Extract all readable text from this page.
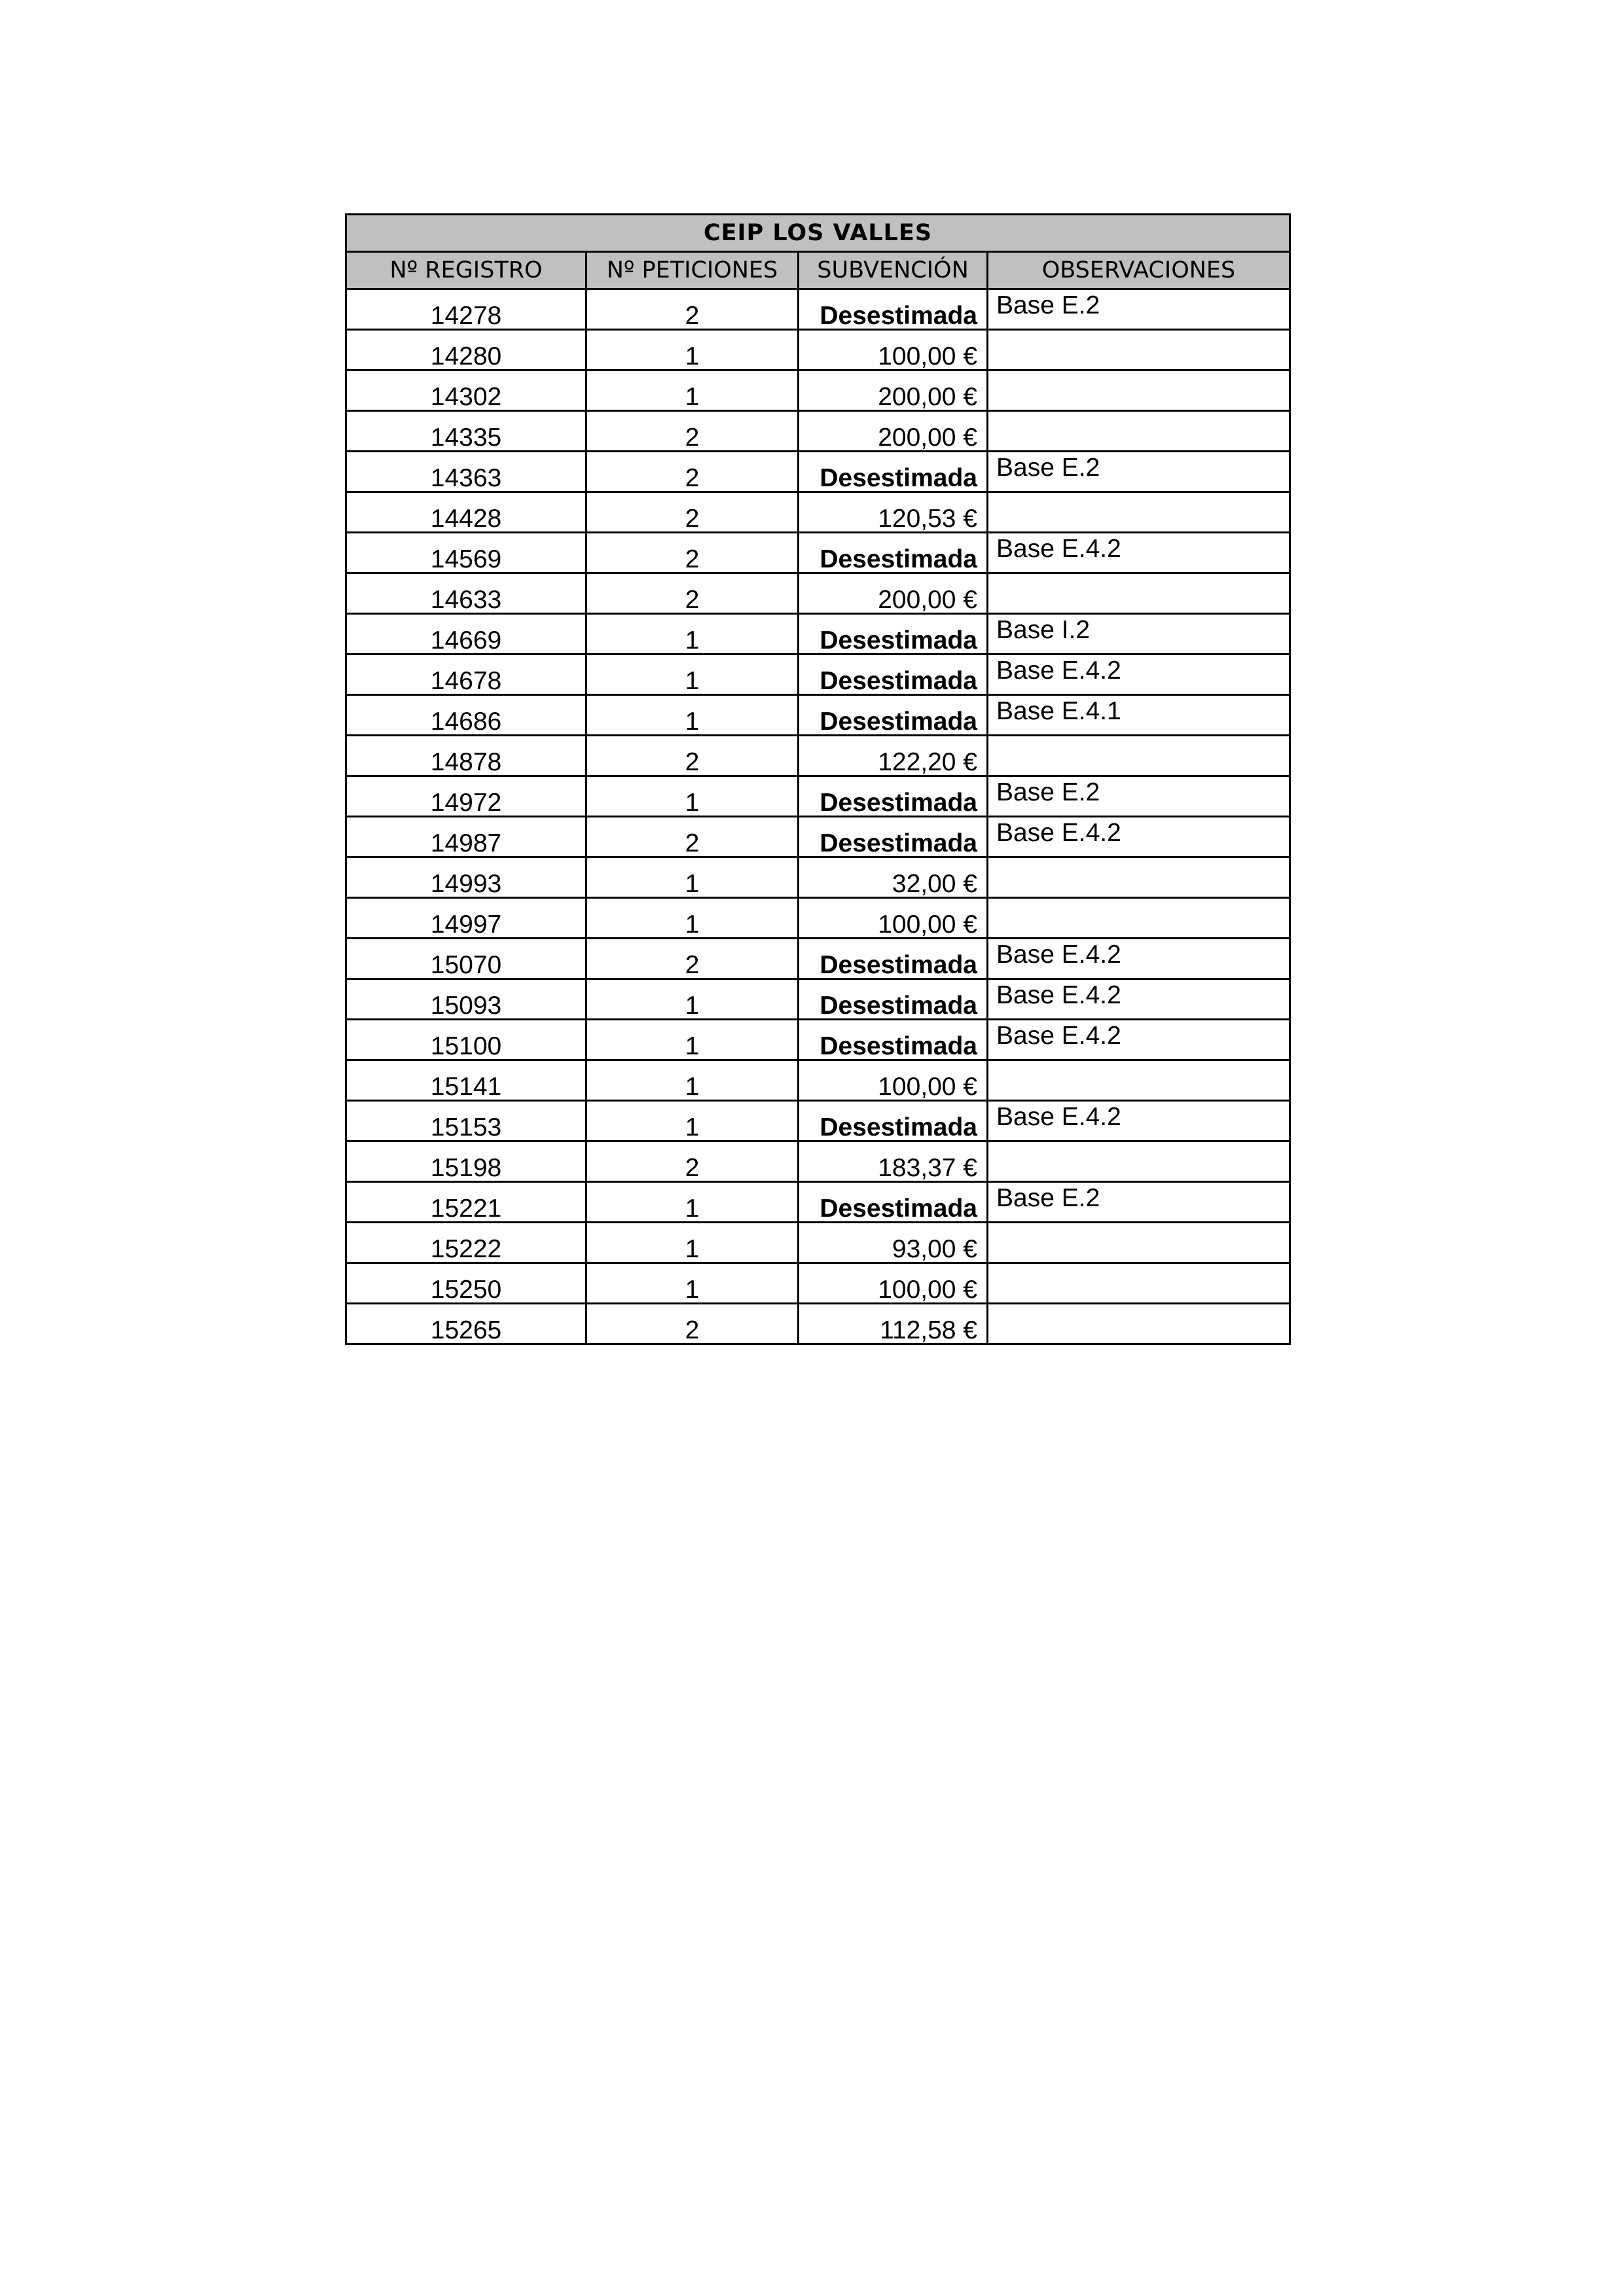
CEIP LOS VALLES			
Nº REGISTRO	Nº PETICIONES	SUBVENCIÓN	OBSERVACIONES
14278	2	Desestimada	Base E.2
14280	1	100,00 €	
14302	1	200,00 €	
14335	2	200,00 €	
14363	2	Desestimada	Base E.2
14428	2	120,53 €	
14569	2	Desestimada	Base E.4.2
14633	2	200,00 €	
14669	1	Desestimada	Base I.2
14678	1	Desestimada	Base E.4.2
14686	1	Desestimada	Base E.4.1
14878	2	122,20 €	
14972	1	Desestimada	Base E.2
14987	2	Desestimada	Base E.4.2
14993	1	32,00 €	
14997	1	100,00 €	
15070	2	Desestimada	Base E.4.2
15093	1	Desestimada	Base E.4.2
15100	1	Desestimada	Base E.4.2
15141	1	100,00 €	
15153	1	Desestimada	Base E.4.2
15198	2	183,37 €	
15221	1	Desestimada	Base E.2
15222	1	93,00 €	
15250	1	100,00 €	
15265	2	112,58 €	
